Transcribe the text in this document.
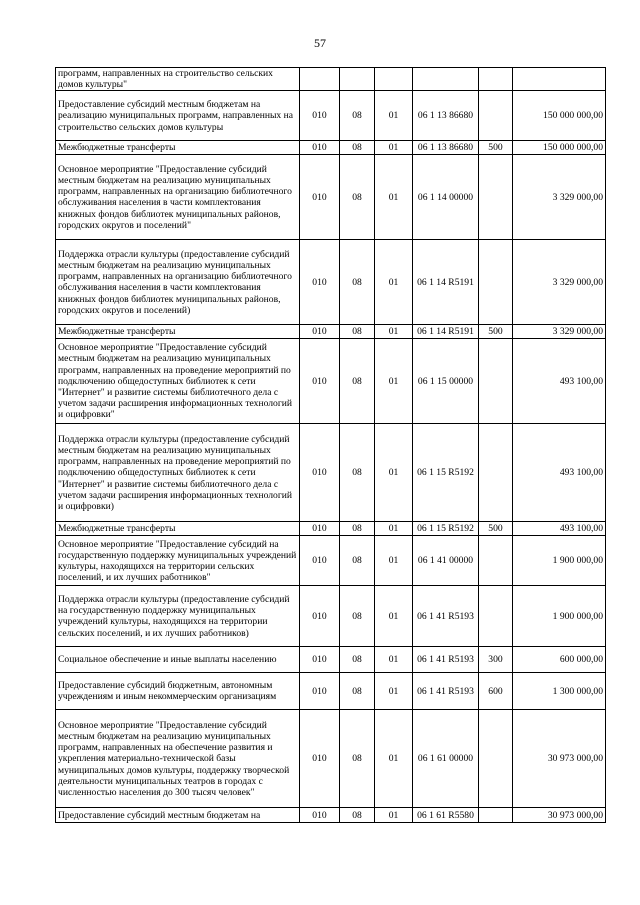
57
программ, направленных на строительство сельских домов культуры"						
Предоставление субсидий местным бюджетам на реализацию муниципальных программ, направленных на строительство сельских домов культуры	010	08	01	06 1 13 86680		150 000 000,00
Межбюджетные трансферты	010	08	01	06 1 13 86680	500	150 000 000,00
Основное мероприятие "Предоставление субсидий местным бюджетам на реализацию муниципальных программ, направленных на организацию библиотечного обслуживания населения в части комплектования книжных фондов библиотек муниципальных районов, городских округов и поселений"	010	08	01	06 1 14 00000		3 329 000,00
Поддержка отрасли культуры (предоставление субсидий местным бюджетам на реализацию муниципальных программ, направленных на организацию библиотечного обслуживания населения в части комплектования книжных фондов библиотек муниципальных районов, городских округов и поселений)	010	08	01	06 1 14 R5191		3 329 000,00
Межбюджетные трансферты	010	08	01	06 1 14 R5191	500	3 329 000,00
Основное мероприятие "Предоставление субсидий местным бюджетам на реализацию муниципальных программ, направленных на проведение мероприятий по подключению общедоступных библиотек к сети "Интернет" и развитие системы библиотечного дела с учетом задачи расширения информационных технологий и оцифровки"	010	08	01	06 1 15 00000		493 100,00
Поддержка отрасли культуры (предоставление субсидий местным бюджетам на реализацию муниципальных программ, направленных на проведение мероприятий по подключению общедоступных библиотек к сети "Интернет" и развитие системы библиотечного дела с учетом задачи расширения информационных технологий и оцифровки)	010	08	01	06 1 15 R5192		493 100,00
Межбюджетные трансферты	010	08	01	06 1 15 R5192	500	493 100,00
Основное мероприятие "Предоставление субсидий на государственную поддержку муниципальных учреждений культуры, находящихся на территории сельских поселений, и их лучших работников"	010	08	01	06 1 41 00000		1 900 000,00
Поддержка отрасли культуры (предоставление субсидий на государственную поддержку муниципальных учреждений культуры, находящихся на территории сельских поселений, и их лучших работников)	010	08	01	06 1 41 R5193		1 900 000,00
Социальное обеспечение и иные выплаты населению	010	08	01	06 1 41 R5193	300	600 000,00
Предоставление субсидий бюджетным, автономным учреждениям и иным некоммерческим организациям	010	08	01	06 1 41 R5193	600	1 300 000,00
Основное мероприятие "Предоставление субсидий местным бюджетам на реализацию муниципальных программ, направленных на обеспечение развития и укрепления материально-технической базы муниципальных домов культуры, поддержку творческой деятельности муниципальных театров в городах с численностью населения до 300 тысяч человек"	010	08	01	06 1 61 00000		30 973 000,00
Предоставление субсидий местным бюджетам на	010	08	01	06 1 61 R5580		30 973 000,00
